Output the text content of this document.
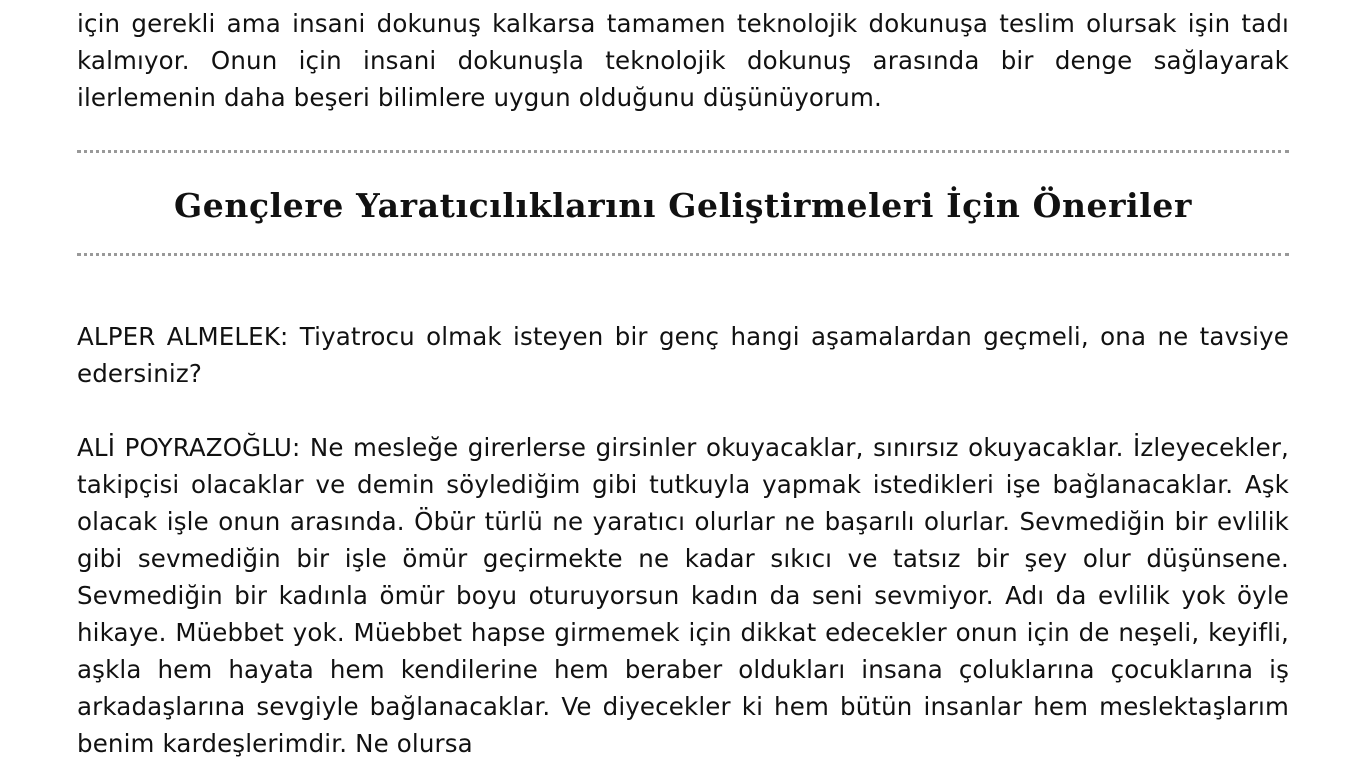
için gerekli ama insani dokunuş kalkarsa tamamen teknolojik dokunuşa teslim olursak işin tadı kalmıyor. Onun için insani dokunuşla teknolojik dokunuş arasında bir denge sağlayarak ilerlemenin daha beşeri bilimlere uygun olduğunu düşünüyorum.

Gençlere Yaratıcılıklarını Geliştirmeleri İçin Öneriler

ALPER ALMELEK: Tiyatrocu olmak isteyen bir genç hangi aşamalardan geçmeli, ona ne tavsiye edersiniz?

ALİ POYRAZOĞLU: Ne mesleğe girerlerse girsinler okuyacaklar, sınırsız okuyacaklar. İzleyecekler, takipçisi olacaklar ve demin söylediğim gibi tutkuyla yapmak istedikleri işe bağlanacaklar. Aşk olacak işle onun arasında. Öbür türlü ne yaratıcı olurlar ne başarılı olurlar. Sevmediğin bir evlilik gibi sevmediğin bir işle ömür geçirmekte ne kadar sıkıcı ve tatsız bir şey olur düşünsene. Sevmediğin bir kadınla ömür boyu oturuyorsun kadın da seni sevmiyor. Adı da evlilik yok öyle hikaye. Müebbet yok. Müebbet hapse girmemek için dikkat edecekler onun için de neşeli, keyifli, aşkla hem hayata hem kendilerine hem beraber oldukları insana çoluklarına çocuklarına iş arkadaşlarına sevgiyle bağlanacaklar. Ve diyecekler ki hem bütün insanlar hem meslektaşlarım benim kardeşlerimdir. Ne olursa
